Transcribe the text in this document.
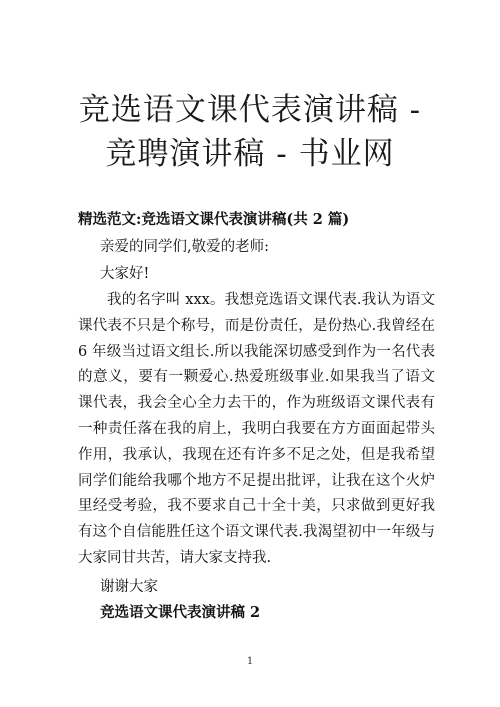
竞选语文课代表演讲稿 -
竞聘演讲稿 - 书业网
精选范文:竞选语文课代表演讲稿(共 2 篇)
亲爱的同学们,敬爱的老师:
大家好!
我的名字叫 xxx。我想竞选语文课代表.我认为语文课代表不只是个称号，而是份责任，是份热心.我曾经在 6 年级当过语文组长.所以我能深切感受到作为一名代表的意义，要有一颗爱心.热爱班级事业.如果我当了语文课代表，我会全心全力去干的，作为班级语文课代表有一种责任落在我的肩上，我明白我要在方方面面起带头作用，我承认，我现在还有许多不足之处，但是我希望同学们能给我哪个地方不足提出批评，让我在这个火炉里经受考验，我不要求自己十全十美，只求做到更好我有这个自信能胜任这个语文课代表.我渴望初中一年级与大家同甘共苦，请大家支持我.
谢谢大家
竞选语文课代表演讲稿 2
1
